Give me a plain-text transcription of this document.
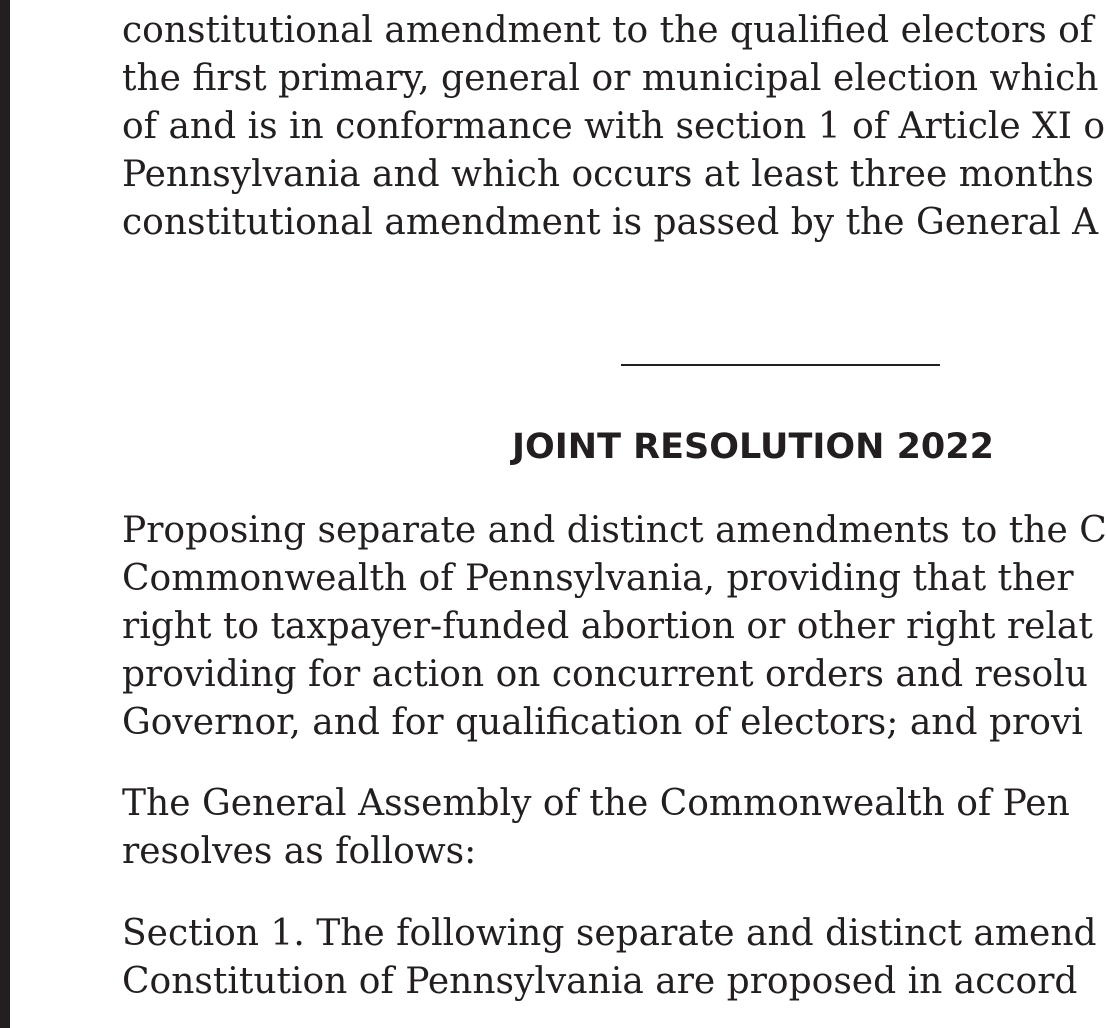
constitutional amendment to the qualified electors of
the first primary, general or municipal election which
of and is in conformance with section 1 of Article XI o
Pennsylvania and which occurs at least three months
constitutional amendment is passed by the General A
JOINT RESOLUTION 2022
Proposing separate and distinct amendments to the C
Commonwealth of Pennsylvania, providing that ther
right to taxpayer-funded abortion or other right relat
providing for action on concurrent orders and resolu
Governor, and for qualification of electors; and provi
The General Assembly of the Commonwealth of Pen
resolves as follows:
Section 1. The following separate and distinct amend
Constitution of Pennsylvania are proposed in accord
